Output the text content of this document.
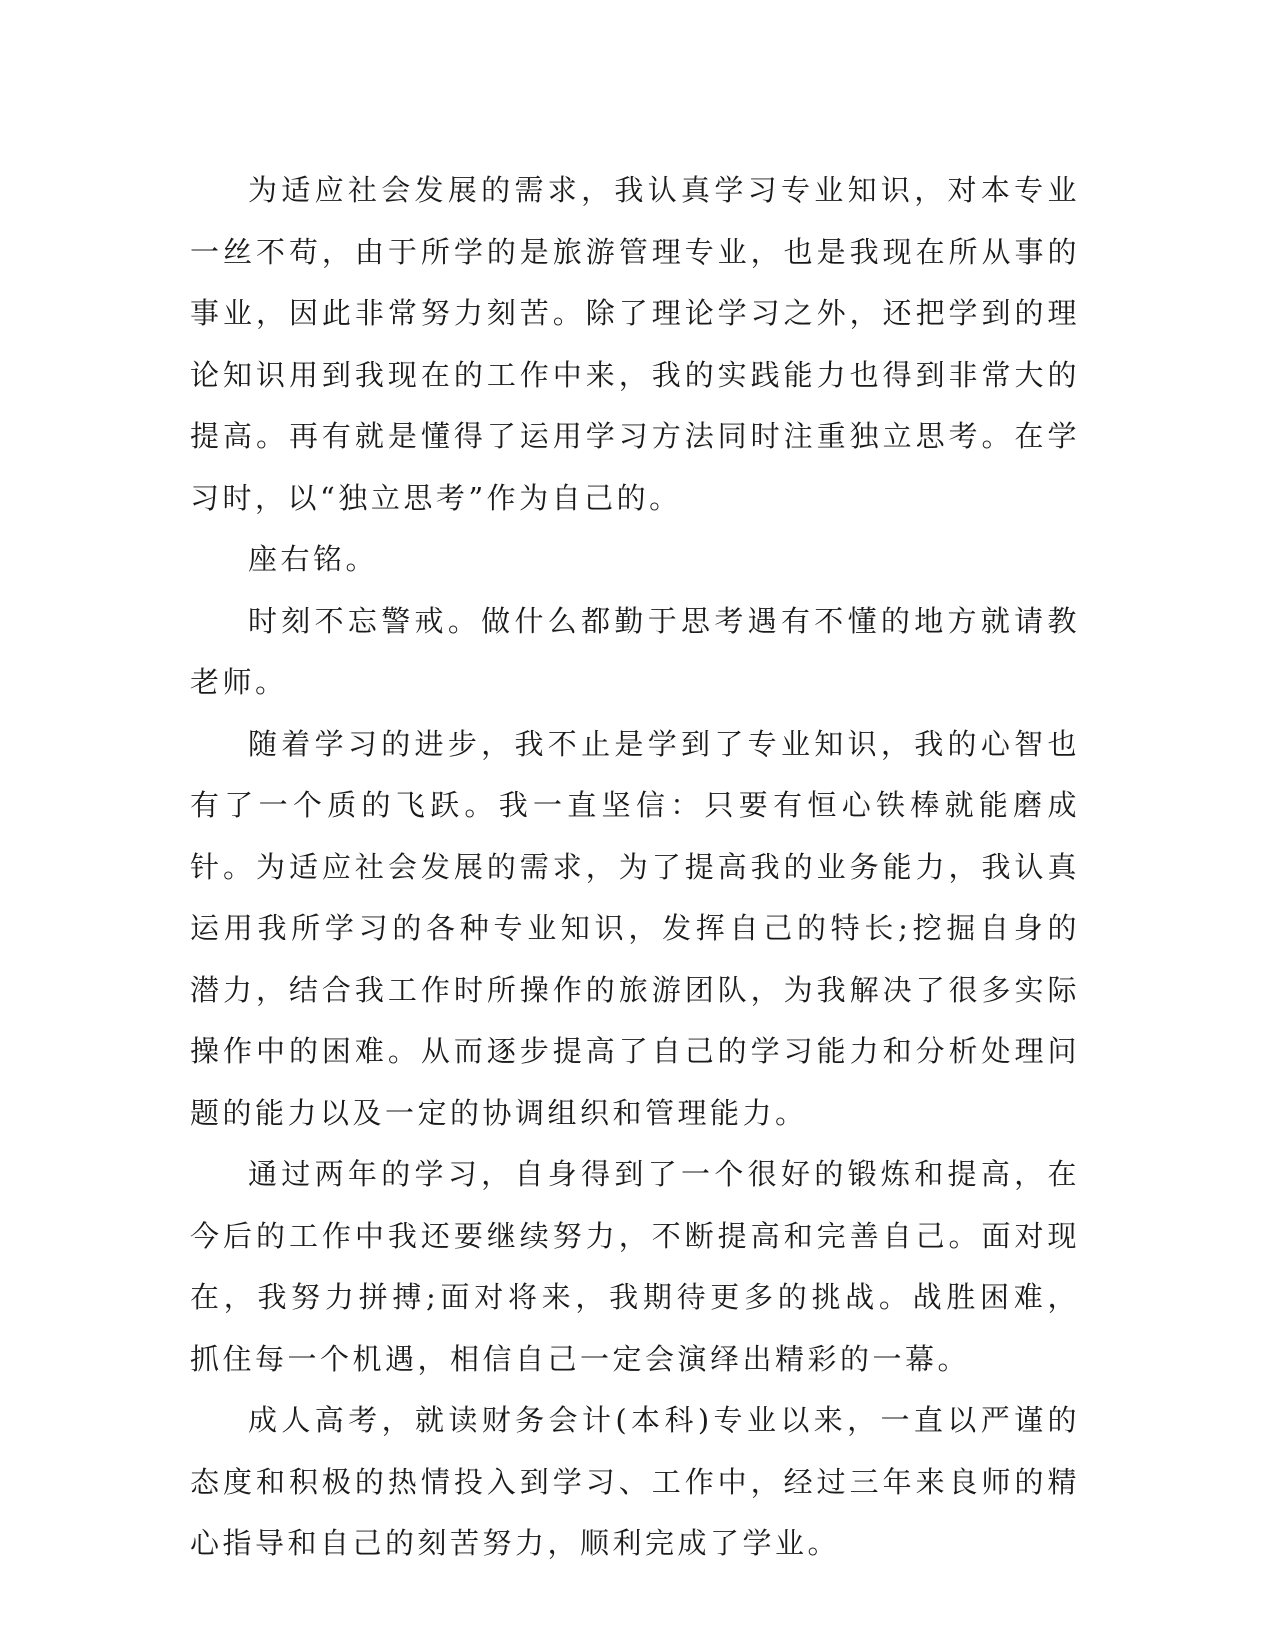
为适应社会发展的需求，我认真学习专业知识，对本专业一丝不苟，由于所学的是旅游管理专业，也是我现在所从事的事业，因此非常努力刻苦。除了理论学习之外，还把学到的理论知识用到我现在的工作中来，我的实践能力也得到非常大的提高。再有就是懂得了运用学习方法同时注重独立思考。在学习时，以“独立思考”作为自己的。

座右铭。

时刻不忘警戒。做什么都勤于思考遇有不懂的地方就请教老师。

随着学习的进步，我不止是学到了专业知识，我的心智也有了一个质的飞跃。我一直坚信：只要有恒心铁棒就能磨成针。为适应社会发展的需求，为了提高我的业务能力，我认真运用我所学习的各种专业知识，发挥自己的特长;挖掘自身的潜力，结合我工作时所操作的旅游团队，为我解决了很多实际操作中的困难。从而逐步提高了自己的学习能力和分析处理问题的能力以及一定的协调组织和管理能力。

通过两年的学习，自身得到了一个很好的锻炼和提高，在今后的工作中我还要继续努力，不断提高和完善自己。面对现在，我努力拼搏;面对将来，我期待更多的挑战。战胜困难，抓住每一个机遇，相信自己一定会演绎出精彩的一幕。

成人高考，就读财务会计(本科)专业以来，一直以严谨的态度和积极的热情投入到学习、工作中，经过三年来良师的精心指导和自己的刻苦努力，顺利完成了学业。
